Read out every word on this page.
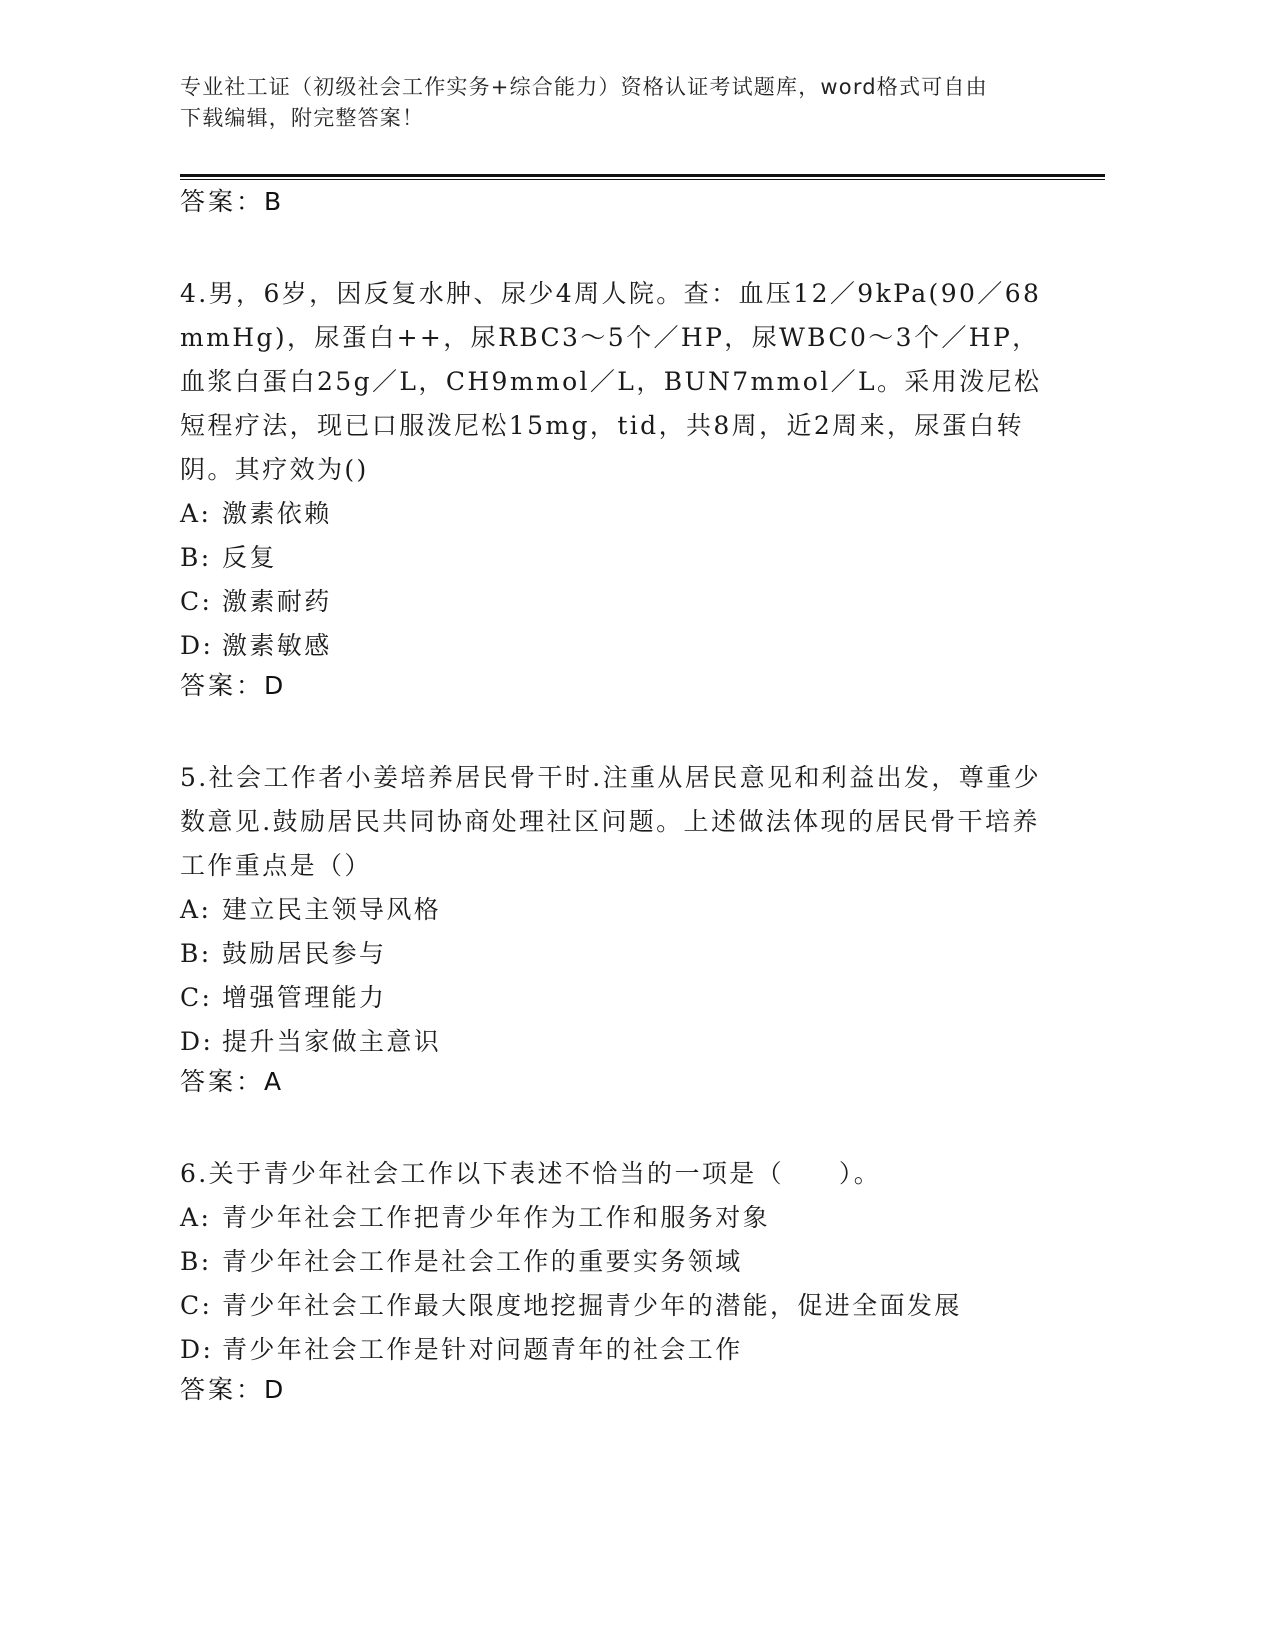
专业社工证（初级社会工作实务+综合能力）资格认证考试题库，word格式可自由
下载编辑，附完整答案！
答案：B
4.男，6岁，因反复水肿、尿少4周人院。查：血压12／9kPa(90／68mmHg)，尿蛋白++，尿RBC3～5个／HP，尿WBC0～3个／HP，血浆白蛋白25g／L，CH9mmol／L，BUN7mmol／L。采用泼尼松短程疗法，现已口服泼尼松15mg，tid，共8周，近2周来，尿蛋白转阴。其疗效为()
A: 激素依赖
B: 反复
C: 激素耐药
D: 激素敏感
答案：D
5.社会工作者小姜培养居民骨干时.注重从居民意见和利益出发，尊重少数意见.鼓励居民共同协商处理社区问题。上述做法体现的居民骨干培养工作重点是（）
A: 建立民主领导风格
B: 鼓励居民参与
C: 增强管理能力
D: 提升当家做主意识
答案：A
6.关于青少年社会工作以下表述不恰当的一项是（　　）。
A: 青少年社会工作把青少年作为工作和服务对象
B: 青少年社会工作是社会工作的重要实务领域
C: 青少年社会工作最大限度地挖掘青少年的潜能，促进全面发展
D: 青少年社会工作是针对问题青年的社会工作
答案：D
